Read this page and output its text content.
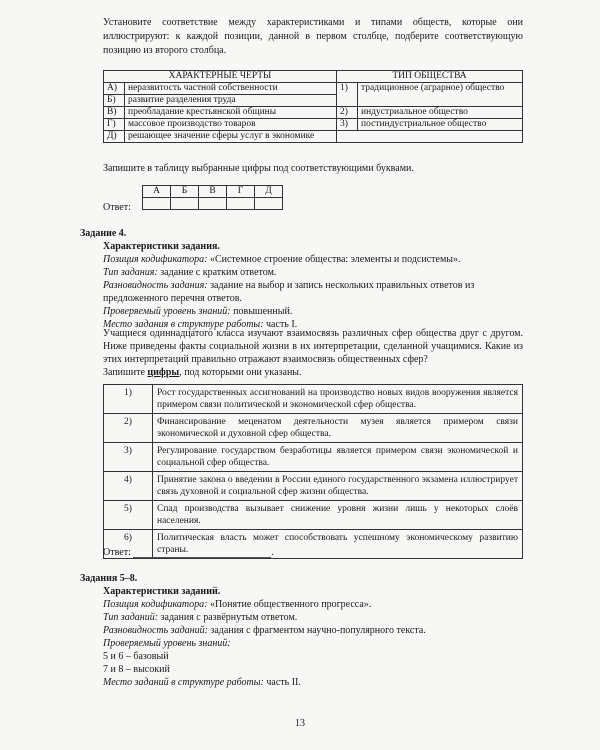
Установите соответствие между характеристиками и типами обществ, которые они иллюстрируют: к каждой позиции, данной в первом столбце, подберите соответствующую позицию из второго столбца.

ХАРАКТЕРНЫЕ ЧЕРТЫ		ТИП ОБЩЕСТВА	
А)	неразвитость частной собственности	1)	традиционное (аграрное) общество
Б)	развитие разделения труда		
В)	преобладание крестьянской общины	2)	индустриальное общество
Г)	массовое производство товаров	3)	постиндустриальное общество
Д)	решающее значение сферы услуг в экономике		

Запишите в таблицу выбранные цифры под соответствующими буквами.

А	Б	В	Г	Д

Ответ:

Задание 4.

Характеристики задания.

Позиция кодификатора: «Системное строение общества: элементы и подсистемы».

Тип задания: задание с кратким ответом.

Разновидность задания: задание на выбор и запись нескольких правильных ответов из предложенного перечня ответов.

Проверяемый уровень знаний: повышенный.

Место задания в структуре работы: часть I.

Учащиеся одиннадцатого класса изучают взаимосвязь различных сфер общества друг с другом. Ниже приведены факты социальной жизни в их интерпретации, сделанной учащимися. Какие из этих интерпретаций правильно отражают взаимосвязь общественных сфер?

Запишите цифры, под которыми они указаны.

1)	Рост государственных ассигнований на производство новых видов вооружения является примером связи политической и экономической сфер общества.
2)	Финансирование меценатом деятельности музея является примером связи экономической и духовной сфер общества.
3)	Регулирование государством безработицы является примером связи экономической и социальной сфер общества.
4)	Принятие закона о введении в России единого государственного экзамена иллюстрирует связь духовной и социальной сфер жизни общества.
5)	Спад производства вызывает снижение уровня жизни лишь у некоторых слоёв населения.
6)	Политическая власть может способствовать успешному экономическому развитию страны.

Ответ:	.

Задания 5–8.

Характеристики заданий.

Позиция кодификатора: «Понятие общественного прогресса».

Тип заданий: задания с развёрнутым ответом.

Разновидность заданий: задания с фрагментом научно-популярного текста.

Проверяемый уровень знаний:

5 и 6 – базовый

7 и 8 – высокий

Место заданий в структуре работы: часть II.

13
